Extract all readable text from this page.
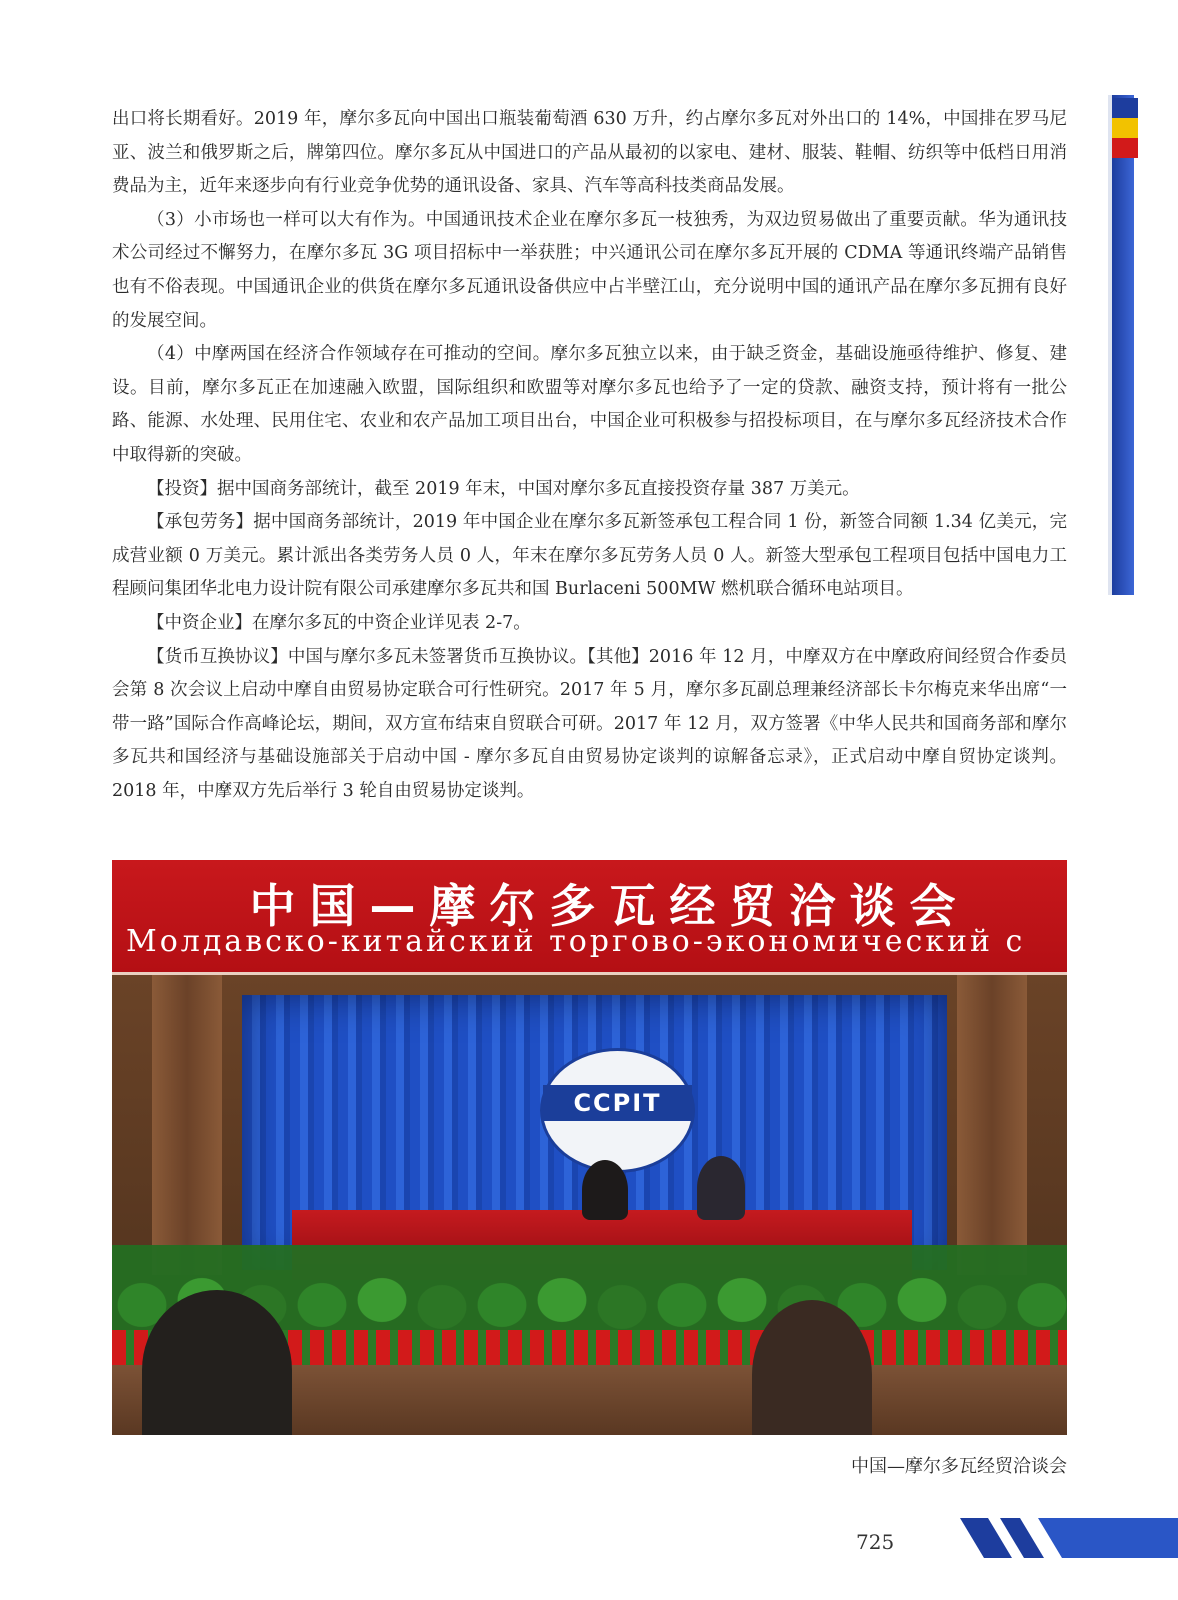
出口将长期看好。2019 年，摩尔多瓦向中国出口瓶装葡萄酒 630 万升，约占摩尔多瓦对外出口的 14%，中国排在罗马尼亚、波兰和俄罗斯之后，牌第四位。摩尔多瓦从中国进口的产品从最初的以家电、建材、服装、鞋帽、纺织等中低档日用消费品为主，近年来逐步向有行业竞争优势的通讯设备、家具、汽车等高科技类商品发展。

（3）小市场也一样可以大有作为。中国通讯技术企业在摩尔多瓦一枝独秀，为双边贸易做出了重要贡献。华为通讯技术公司经过不懈努力，在摩尔多瓦 3G 项目招标中一举获胜；中兴通讯公司在摩尔多瓦开展的 CDMA 等通讯终端产品销售也有不俗表现。中国通讯企业的供货在摩尔多瓦通讯设备供应中占半壁江山，充分说明中国的通讯产品在摩尔多瓦拥有良好的发展空间。

（4）中摩两国在经济合作领域存在可推动的空间。摩尔多瓦独立以来，由于缺乏资金，基础设施亟待维护、修复、建设。目前，摩尔多瓦正在加速融入欧盟，国际组织和欧盟等对摩尔多瓦也给予了一定的贷款、融资支持，预计将有一批公路、能源、水处理、民用住宅、农业和农产品加工项目出台，中国企业可积极参与招投标项目，在与摩尔多瓦经济技术合作中取得新的突破。

【投资】据中国商务部统计，截至 2019 年末，中国对摩尔多瓦直接投资存量 387 万美元。

【承包劳务】据中国商务部统计，2019 年中国企业在摩尔多瓦新签承包工程合同 1 份，新签合同额 1.34 亿美元，完成营业额 0 万美元。累计派出各类劳务人员 0 人，年末在摩尔多瓦劳务人员 0 人。新签大型承包工程项目包括中国电力工程顾问集团华北电力设计院有限公司承建摩尔多瓦共和国 Burlaceni 500MW 燃机联合循环电站项目。

【中资企业】在摩尔多瓦的中资企业详见表 2-7。

【货币互换协议】中国与摩尔多瓦未签署货币互换协议。【其他】2016 年 12 月，中摩双方在中摩政府间经贸合作委员会第 8 次会议上启动中摩自由贸易协定联合可行性研究。2017 年 5 月，摩尔多瓦副总理兼经济部长卡尔梅克来华出席“一带一路”国际合作高峰论坛，期间，双方宣布结束自贸联合可研。2017 年 12 月，双方签署《中华人民共和国商务部和摩尔多瓦共和国经济与基础设施部关于启动中国 - 摩尔多瓦自由贸易协定谈判的谅解备忘录》，正式启动中摩自贸协定谈判。2018 年，中摩双方先后举行 3 轮自由贸易协定谈判。

CCPIT
中国—摩尔多瓦经贸洽谈会
Молдавско-китайский торгово-экономический с
中国—摩尔多瓦经贸洽谈会
725
